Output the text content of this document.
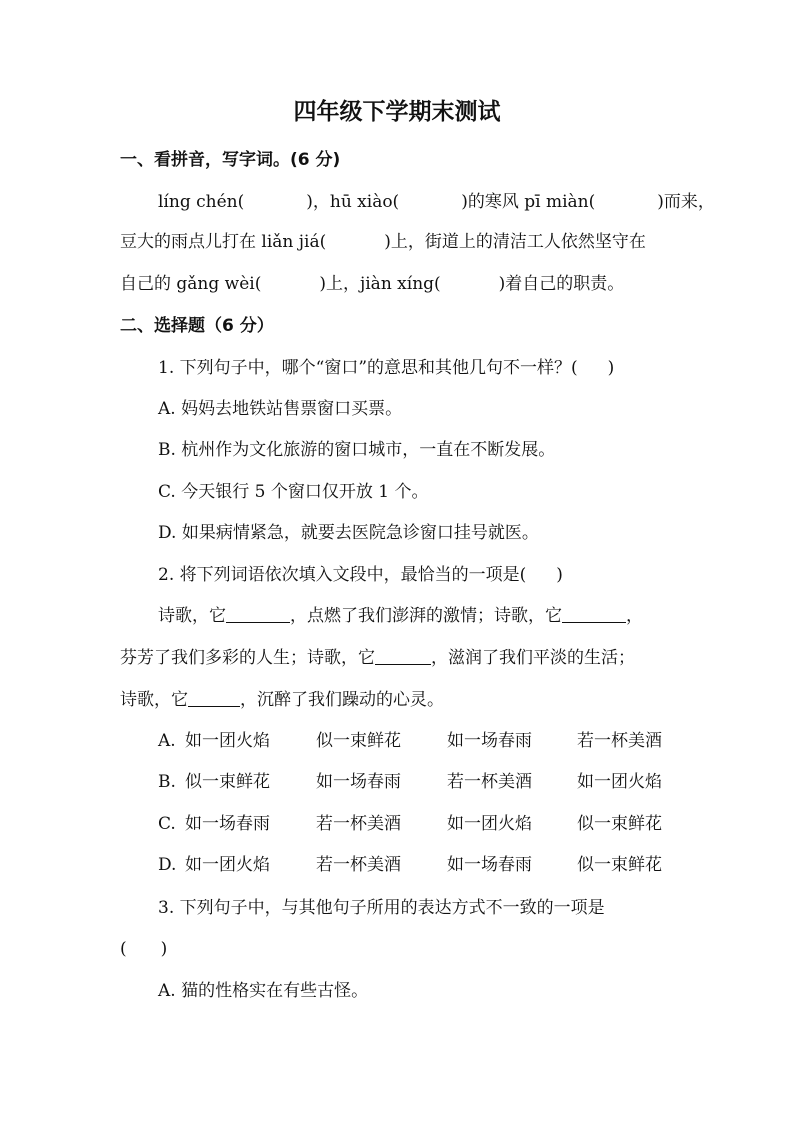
四年级下学期末测试
一、看拼音，写字词。(6 分)
líng chén(	)，hū xiào(	)的寒风 pī miàn(	)而来，
豆大的雨点儿打在 liǎn jiá(	)上，街道上的清洁工人依然坚守在
自己的 gǎng wèi(	)上，jiàn xíng(	)着自己的职责。
二、选择题（6 分）
1. 下列句子中，哪个“窗口”的意思和其他几句不一样？( )
A. 妈妈去地铁站售票窗口买票。
B. 杭州作为文化旅游的窗口城市，一直在不断发展。
C. 今天银行 5 个窗口仅开放 1 个。
D. 如果病情紧急，就要去医院急诊窗口挂号就医。
2. 将下列词语依次填入文段中，最恰当的一项是( )
诗歌，它	，点燃了我们澎湃的激情；诗歌，它	，
芬芳了我们多彩的人生；诗歌，它	，滋润了我们平淡的生活；
诗歌，它	，沉醉了我们躁动的心灵。
A. 如一团火焰	似一束鲜花	如一场春雨	若一杯美酒
B. 似一束鲜花	如一场春雨	若一杯美酒	如一团火焰
C. 如一场春雨	若一杯美酒	如一团火焰	似一束鲜花
D. 如一团火焰	若一杯美酒	如一场春雨	似一束鲜花
3. 下列句子中，与其他句子所用的表达方式不一致的一项是
(　　)
A. 猫的性格实在有些古怪。
